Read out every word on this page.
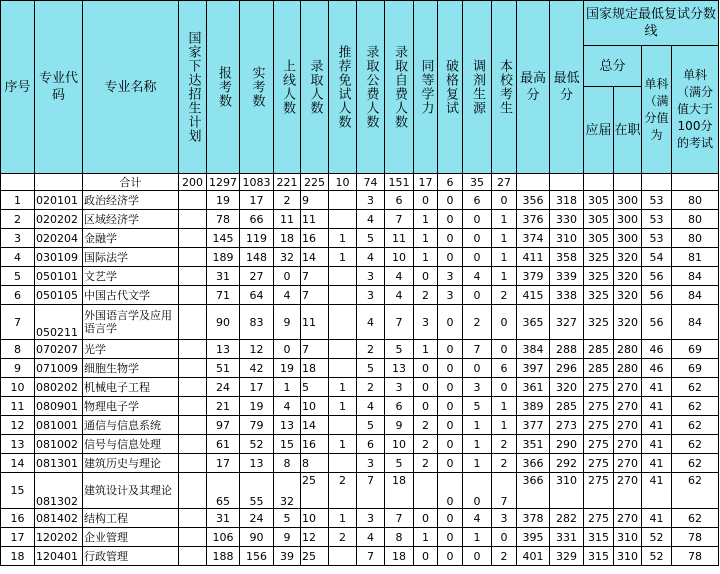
序号	专业代码	专业名称	国家下达招生计划	报考数	实考数	上线人数	录取人数	推荐免试人数	录取公费人数	录取自费人数	同等学力	破格复试	调剂生源	本校考生	最高分	最低分	国家规定最低复试分数线			
																	总分		单科（满分值为	单科（满分值大于100分的考试
																	应届	在职		
		合计	200	1297	1083	221	225	10	74	151	17	6	35	27						
1	020101	政治经济学		19	17	2	9		3	6	0	0	6	0	356	318	305	300	53	80
2	020202	区域经济学		78	66	11	11		4	7	1	0	0	1	376	330	305	300	53	80
3	020204	金融学		145	119	18	16	1	5	11	1	0	0	1	374	310	305	300	53	80
4	030109	国际法学		189	148	32	14	1	4	10	1	0	0	1	411	358	325	320	54	81
5	050101	文艺学		31	27	0	7		3	4	0	3	4	1	379	339	325	320	56	84
6	050105	中国古代文学		71	64	4	7		3	4	2	3	0	2	415	338	325	320	56	84
7	050211	外国语言学及应用语言学		90	83	9	11		4	7	3	0	2	0	365	327	325	320	56	84
8	070207	光学		13	12	0	7		2	5	1	0	7	0	384	288	285	280	46	69
9	071009	细胞生物学		51	42	19	18		5	13	0	0	0	6	397	296	285	280	46	69
10	080202	机械电子工程		24	17	1	5	1	2	3	0	0	3	0	361	320	275	270	41	62
11	080901	物理电子学		21	19	4	10	1	4	6	0	0	5	1	389	285	275	270	41	62
12	081001	通信与信息系统		97	79	13	14		5	9	2	0	1	1	377	273	275	270	41	62
13	081002	信号与信息处理		61	52	15	16	1	6	10	2	0	1	2	351	290	275	270	41	62
14	081301	建筑历史与理论		17	13	8	8		3	5	2	0	1	2	366	292	275	270	41	62
15	081302	建筑设计及其理论		65	55	32	25	2	7	18		0	0	7	366	310	275	270	41	62
16	081402	结构工程		31	24	5	10	1	3	7	0	0	4	3	378	282	275	270	41	62
17	120202	企业管理		106	90	9	12	2	4	8	1	0	1	0	395	331	315	310	52	78
18	120401	行政管理		188	156	39	25		7	18	0	0	0	2	401	329	315	310	52	78
